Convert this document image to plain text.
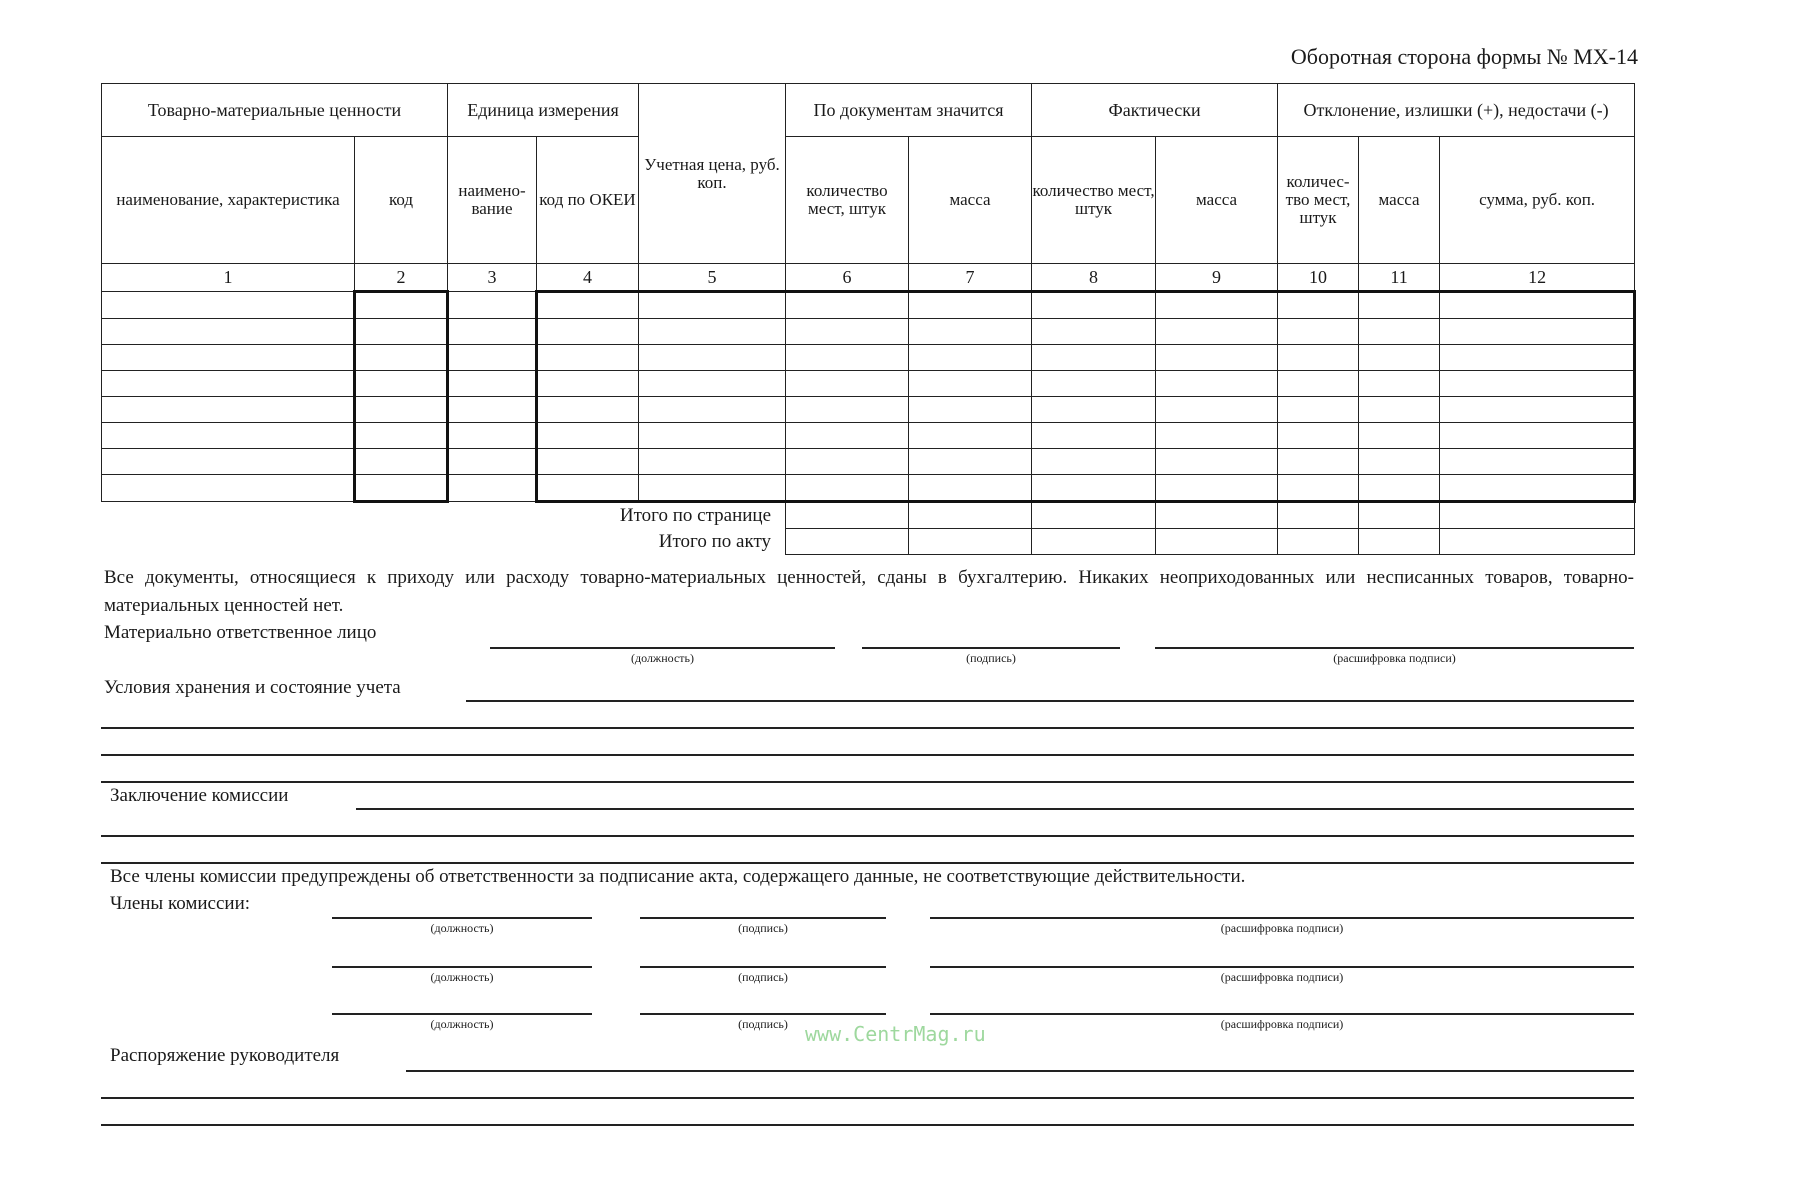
Оборотная сторона формы № МХ-14
Товарно-материальные ценности		Единица измерения		Учетная цена, руб. коп.	По документам значится		Фактически		Отклонение, излишки (+), недостачи (-)		
наименование, характеристика	код	наимено-вание	код по ОКЕИ		количество мест, штук	масса	количество мест, штук	масса	количес-тво мест, штук	масса	сумма, руб. коп.
1	2	3	4	5	6	7	8	9	10	11	12

Итого по странице											
Итого по акту											
Все документы, относящиеся к приходу или расходу товарно-материальных ценностей, сданы в бухгалтерию. Никаких неоприходованных или несписанных товаров, товарно-материальных ценностей нет.
Материально ответственное лицо
(должность)	(подпись)	(расшифровка подписи)
Условия хранения и состояние учета
Заключение комиссии
Все члены комиссии предупреждены об ответственности за подписание акта, содержащего данные, не соответствующие действительности.
Члены комиссии:
(должность)	(подпись)	(расшифровка подписи)
(должность)	(подпись)	(расшифровка подписи)
(должность)	(подпись)	(расшифровка подписи)
www.CentrMag.ru
Распоряжение руководителя
